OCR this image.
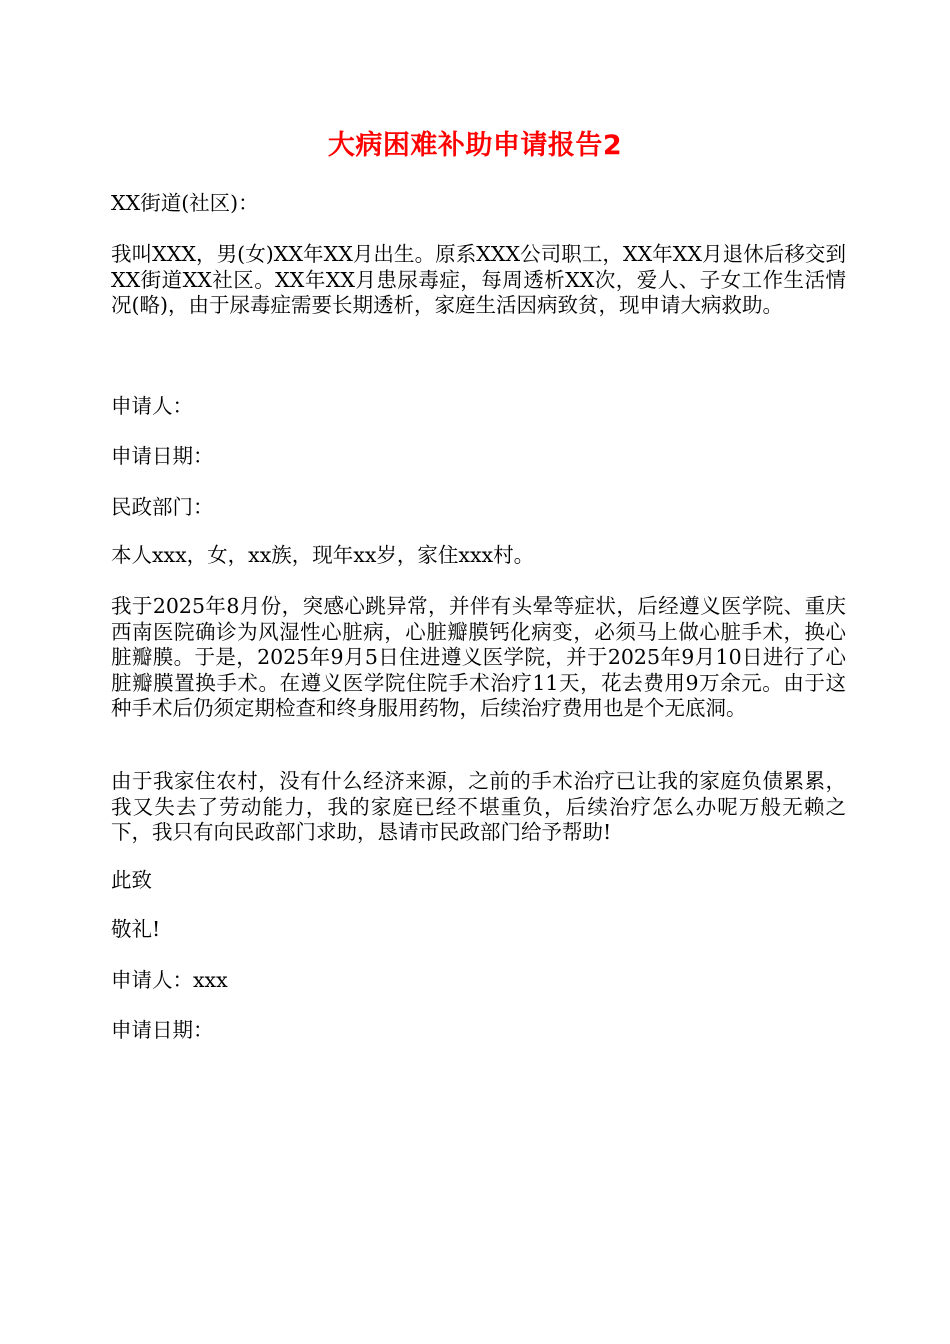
大病困难补助申请报告2

XX街道(社区)：

我叫XXX，男(女)XX年XX月出生。原系XXX公司职工，XX年XX月退休后移交到XX街道XX社区。XX年XX月患尿毒症，每周透析XX次，爱人、子女工作生活情况(略)，由于尿毒症需要长期透析，家庭生活因病致贫，现申请大病救助。

申请人：

申请日期：

民政部门：

本人xxx，女，xx族，现年xx岁，家住xxx村。

我于2025年8月份，突感心跳异常，并伴有头晕等症状，后经遵义医学院、重庆西南医院确诊为风湿性心脏病，心脏瓣膜钙化病变，必须马上做心脏手术，换心脏瓣膜。于是，2025年9月5日住进遵义医学院，并于2025年9月10日进行了心脏瓣膜置换手术。在遵义医学院住院手术治疗11天，花去费用9万余元。由于这种手术后仍须定期检查和终身服用药物，后续治疗费用也是个无底洞。

由于我家住农村，没有什么经济来源，之前的手术治疗已让我的家庭负债累累，我又失去了劳动能力，我的家庭已经不堪重负，后续治疗怎么办呢万般无赖之下，我只有向民政部门求助，恳请市民政部门给予帮助!

此致

敬礼!

申请人：xxx

申请日期：
